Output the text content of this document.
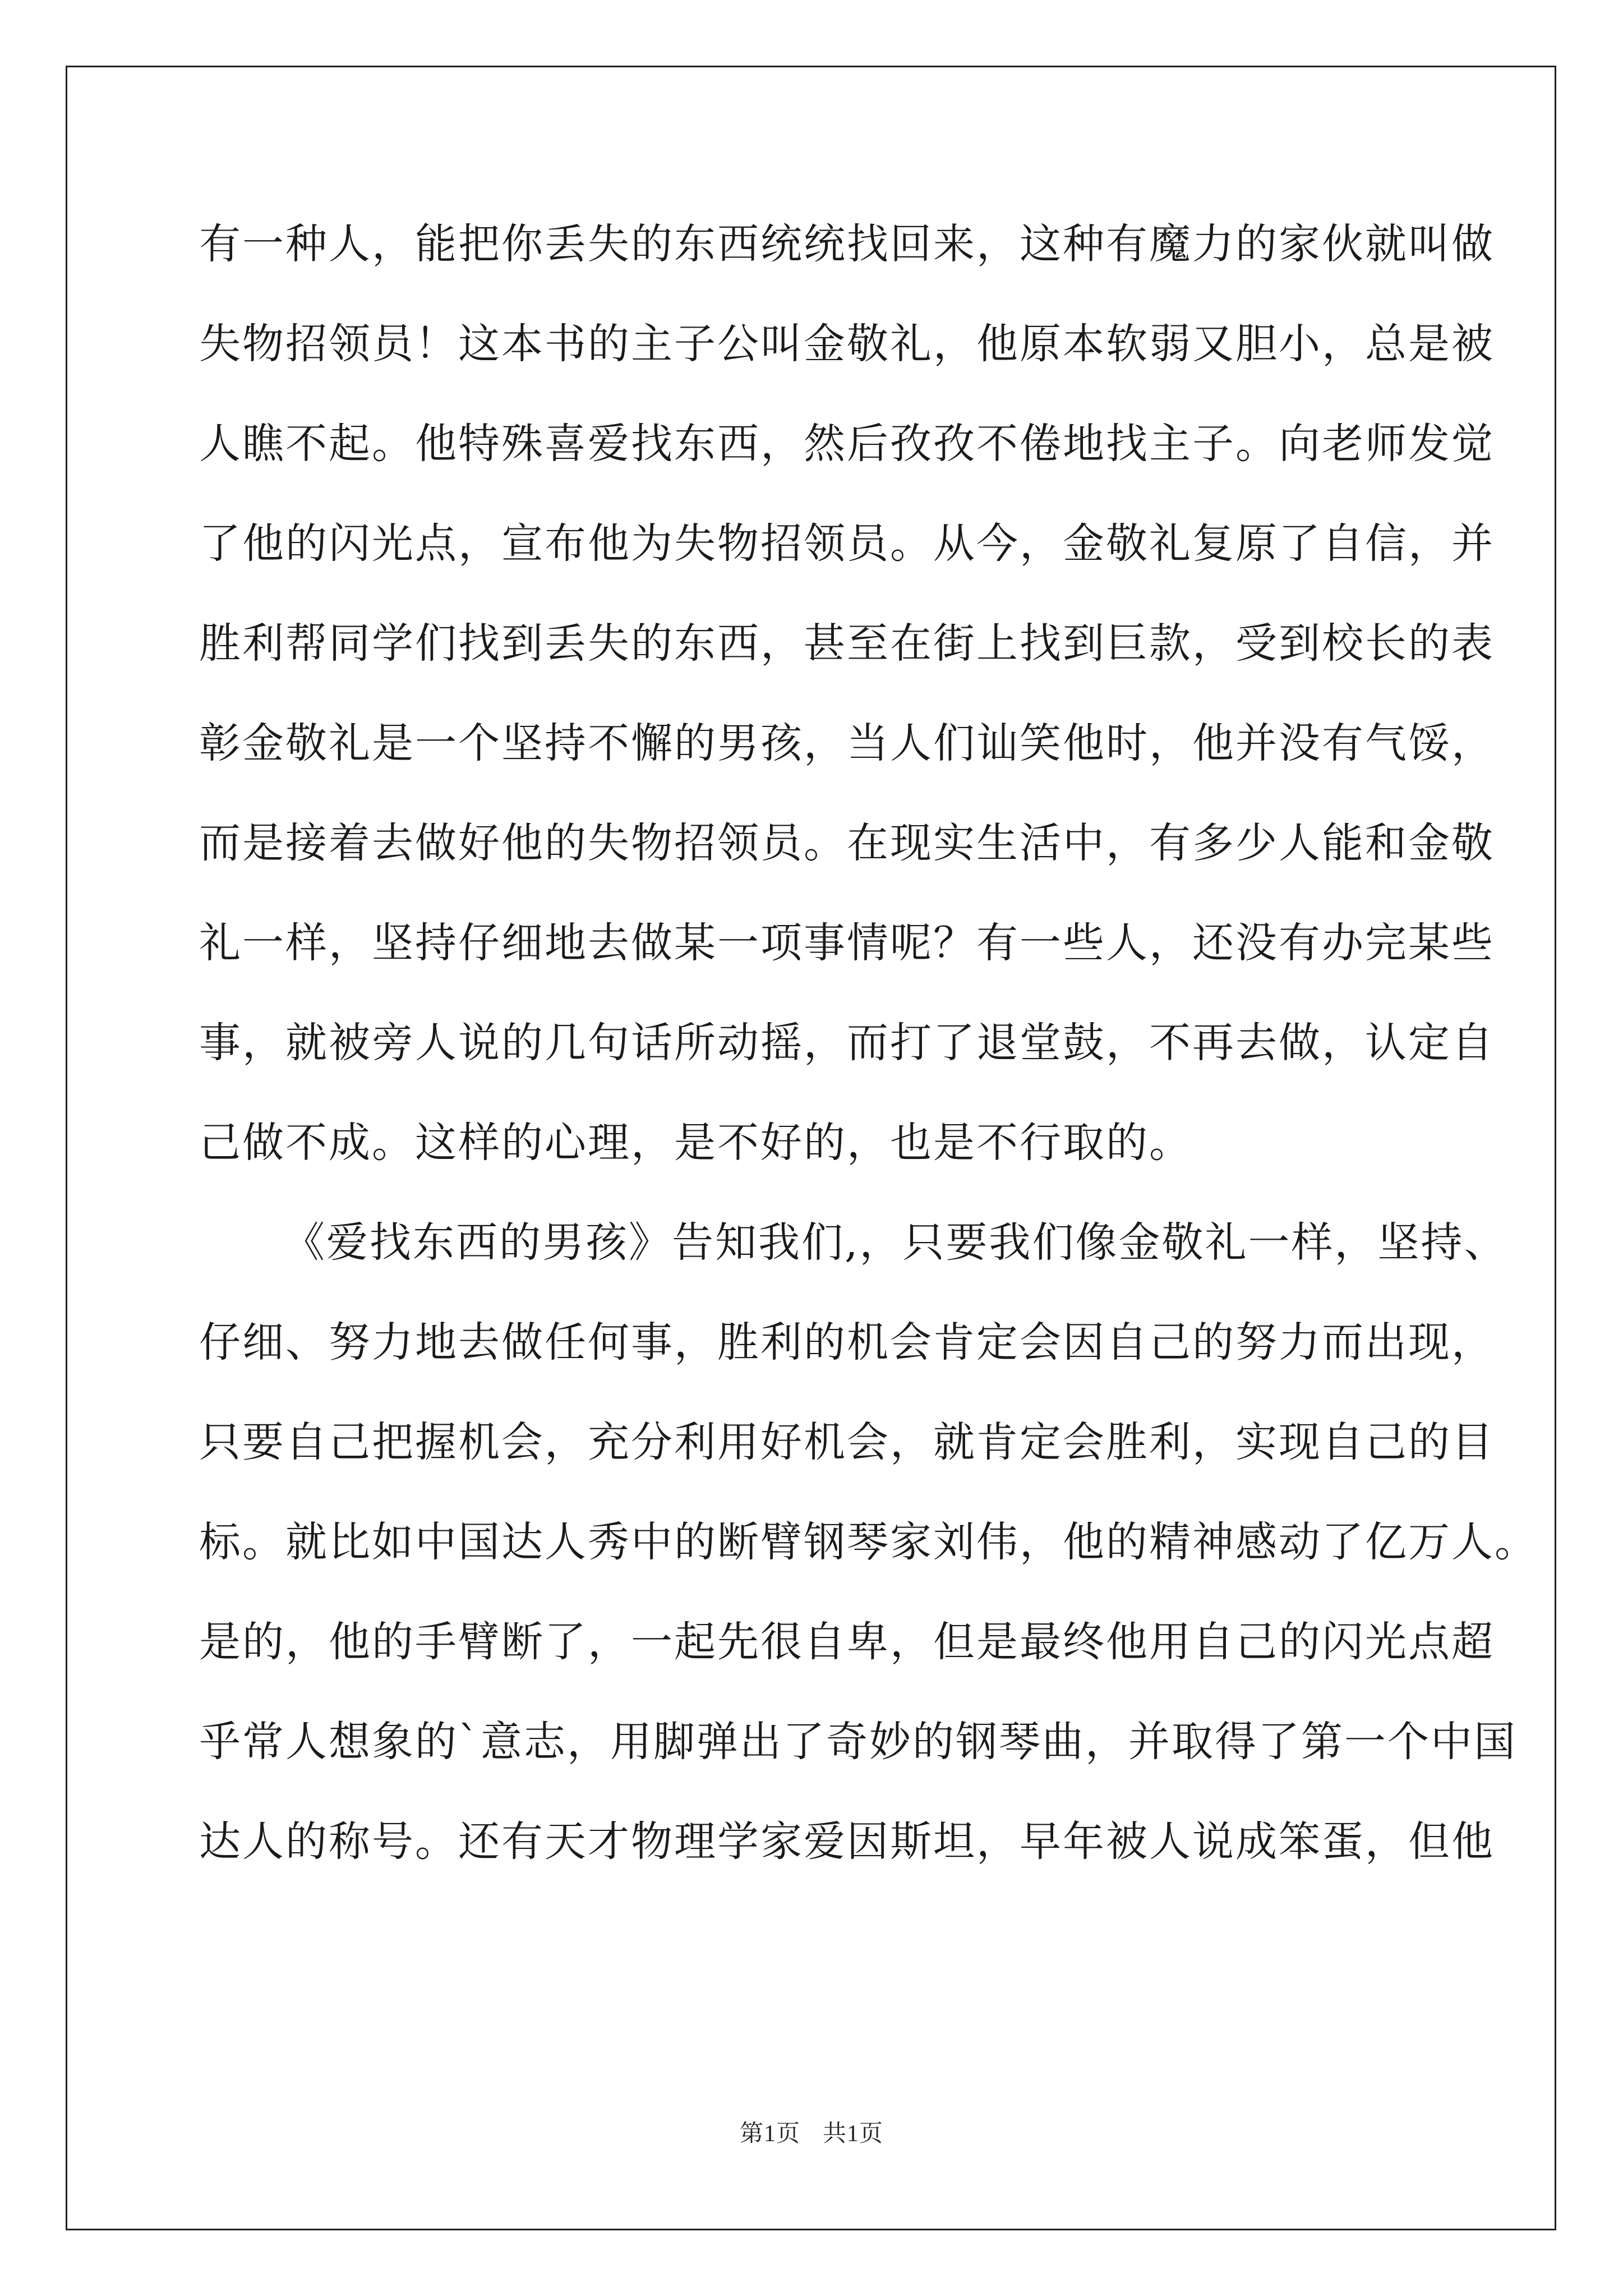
有一种人，能把你丢失的东西统统找回来，这种有魔力的家伙就叫做
失物招领员！这本书的主子公叫金敬礼，他原本软弱又胆小，总是被
人瞧不起。他特殊喜爱找东西，然后孜孜不倦地找主子。向老师发觉
了他的闪光点，宣布他为失物招领员。从今，金敬礼复原了自信，并
胜利帮同学们找到丢失的东西，甚至在街上找到巨款，受到校长的表
彰金敬礼是一个坚持不懈的男孩，当人们讪笑他时，他并没有气馁，
而是接着去做好他的失物招领员。在现实生活中，有多少人能和金敬
礼一样，坚持仔细地去做某一项事情呢？有一些人，还没有办完某些
事，就被旁人说的几句话所动摇，而打了退堂鼓，不再去做，认定自
己做不成。这样的心理，是不好的，也是不行取的。
《爱找东西的男孩》告知我们,，只要我们像金敬礼一样，坚持、
仔细、努力地去做任何事，胜利的机会肯定会因自己的努力而出现，
只要自己把握机会，充分利用好机会，就肯定会胜利，实现自己的目
标。就比如中国达人秀中的断臂钢琴家刘伟，他的精神感动了亿万人。
是的，他的手臂断了，一起先很自卑，但是最终他用自己的闪光点超
乎常人想象的`意志，用脚弹出了奇妙的钢琴曲，并取得了第一个中国
达人的称号。还有天才物理学家爱因斯坦，早年被人说成笨蛋，但他
第1页 共1页
